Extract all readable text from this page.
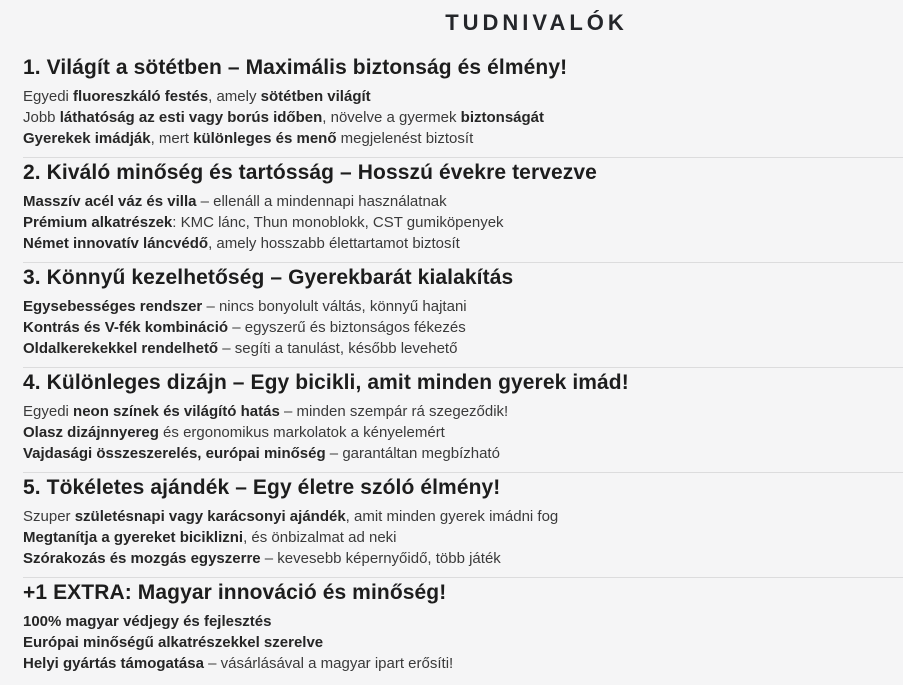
TUDNIVALÓK
1. Világít a sötétben – Maximális biztonság és élmény!

Egyedi fluoreszkáló festés, amely sötétben világít

Jobb láthatóság az esti vagy borús időben, növelve a gyermek biztonságát

Gyerekek imádják, mert különleges és menő megjelenést biztosít

2. Kiváló minőség és tartósság – Hosszú évekre tervezve

Masszív acél váz és villa – ellenáll a mindennapi használatnak

Prémium alkatrészek: KMC lánc, Thun monoblokk, CST gumiköpenyek

Német innovatív láncvédő, amely hosszabb élettartamot biztosít

3. Könnyű kezelhetőség – Gyerekbarát kialakítás

Egysebességes rendszer – nincs bonyolult váltás, könnyű hajtani

Kontrás és V-fék kombináció – egyszerű és biztonságos fékezés

Oldalkerekekkel rendelhető – segíti a tanulást, később levehető

4. Különleges dizájn – Egy bicikli, amit minden gyerek imád!

Egyedi neon színek és világító hatás – minden szempár rá szegeződik!

Olasz dizájnnyereg és ergonomikus markolatok a kényelemért

Vajdasági összeszerelés, európai minőség – garantáltan megbízható

5. Tökéletes ajándék – Egy életre szóló élmény!

Szuper születésnapi vagy karácsonyi ajándék, amit minden gyerek imádni fog

Megtanítja a gyereket biciklizni, és önbizalmat ad neki

Szórakozás és mozgás egyszerre – kevesebb képernyőidő, több játék

+1 EXTRA: Magyar innováció és minőség!

100% magyar védjegy és fejlesztés

Európai minőségű alkatrészekkel szerelve

Helyi gyártás támogatása – vásárlásával a magyar ipart erősíti!
